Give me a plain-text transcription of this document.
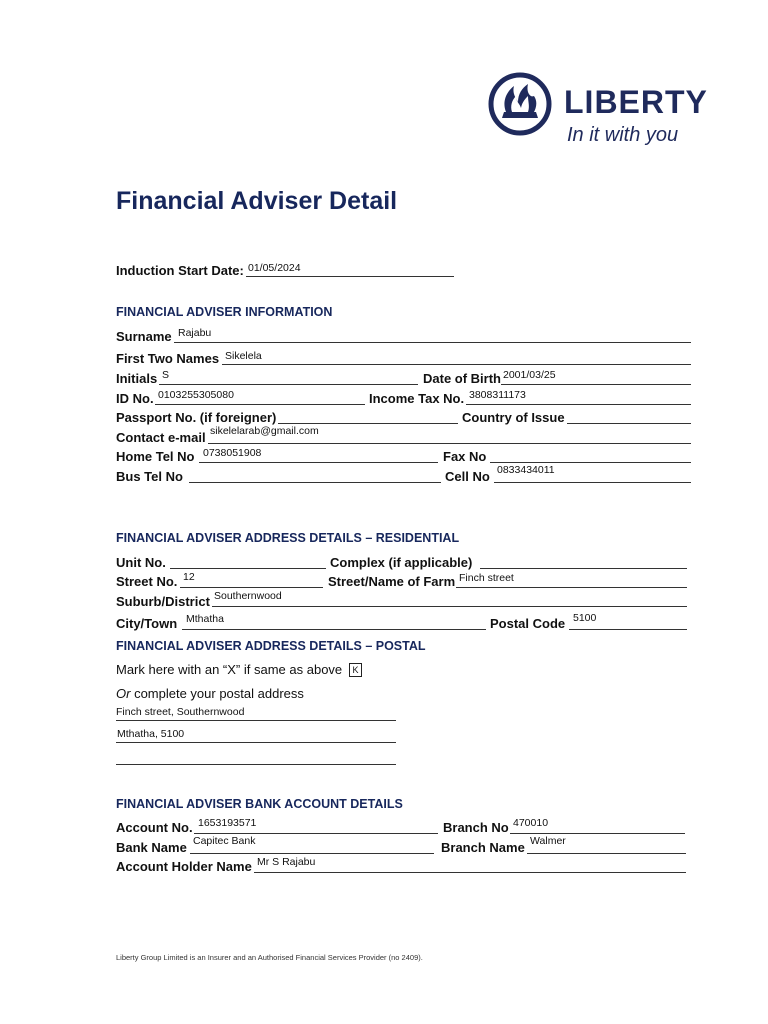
LIBERTY
In it with you
Financial Adviser Detail
Induction Start Date: 01/05/2024
FINANCIAL ADVISER INFORMATION
Surname Rajabu
First Two Names Sikelela
Initials S	Date of Birth 2001/03/25
ID No. 0103255305080	Income Tax No. 3808311173
Passport No. (if foreigner)	Country of Issue
Contact e-mail sikelelarab@gmail.com
Home Tel No 0738051908	Fax No
Bus Tel No	Cell No 0833434011
FINANCIAL ADVISER ADDRESS DETAILS – RESIDENTIAL
Unit No.	Complex (if applicable)
Street No. 12	Street/Name of Farm Finch street
Suburb/District Southernwood
City/Town Mthatha	Postal Code 5100
FINANCIAL ADVISER ADDRESS DETAILS – POSTAL
Mark here with an “X” if same as above	K
Or complete your postal address
Finch street, Southernwood
Mthatha, 5100
FINANCIAL ADVISER BANK ACCOUNT DETAILS
Account No. 1653193571	Branch No 470010
Bank Name Capitec Bank	Branch Name Walmer
Account Holder Name Mr S Rajabu
Liberty Group Limited is an Insurer and an Authorised Financial Services Provider (no 2409).
